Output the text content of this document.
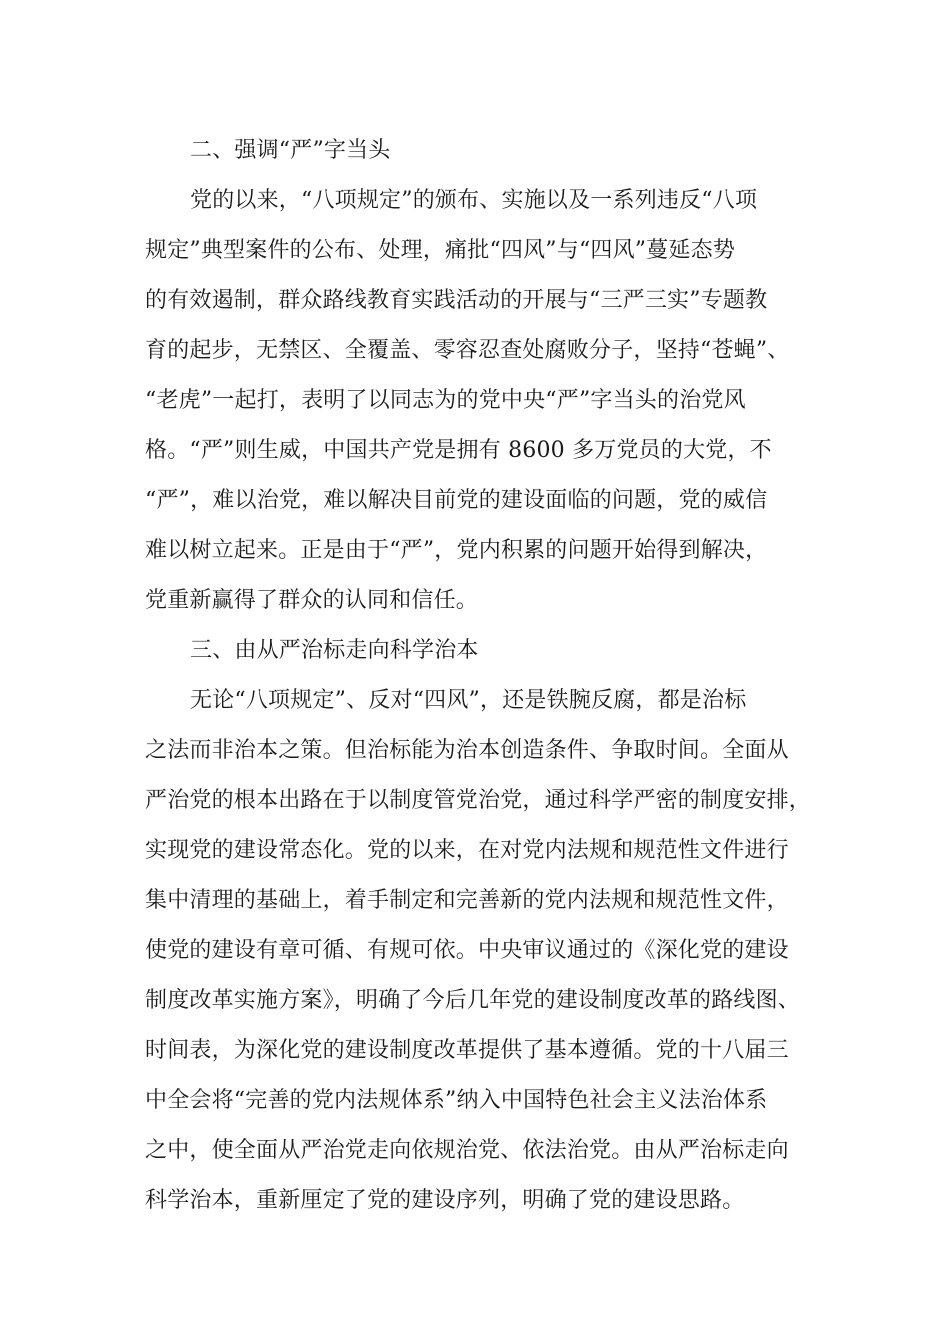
二、强调“严”字当头
党的以来，“八项规定”的颁布、实施以及一系列违反“八项
规定”典型案件的公布、处理，痛批“四风”与“四风”蔓延态势
的有效遏制，群众路线教育实践活动的开展与“三严三实”专题教
育的起步，无禁区、全覆盖、零容忍查处腐败分子，坚持“苍蝇”、
“老虎”一起打，表明了以同志为的党中央“严”字当头的治党风
格。“严”则生威，中国共产党是拥有 8600 多万党员的大党，不
“严”，难以治党，难以解决目前党的建设面临的问题，党的威信
难以树立起来。正是由于“严”，党内积累的问题开始得到解决，
党重新赢得了群众的认同和信任。
三、由从严治标走向科学治本
无论“八项规定”、反对“四风”，还是铁腕反腐，都是治标
之法而非治本之策。但治标能为治本创造条件、争取时间。全面从
严治党的根本出路在于以制度管党治党，通过科学严密的制度安排，
实现党的建设常态化。党的以来，在对党内法规和规范性文件进行
集中清理的基础上，着手制定和完善新的党内法规和规范性文件，
使党的建设有章可循、有规可依。中央审议通过的《深化党的建设
制度改革实施方案》，明确了今后几年党的建设制度改革的路线图、
时间表，为深化党的建设制度改革提供了基本遵循。党的十八届三
中全会将“完善的党内法规体系”纳入中国特色社会主义法治体系
之中，使全面从严治党走向依规治党、依法治党。由从严治标走向
科学治本，重新厘定了党的建设序列，明确了党的建设思路。
